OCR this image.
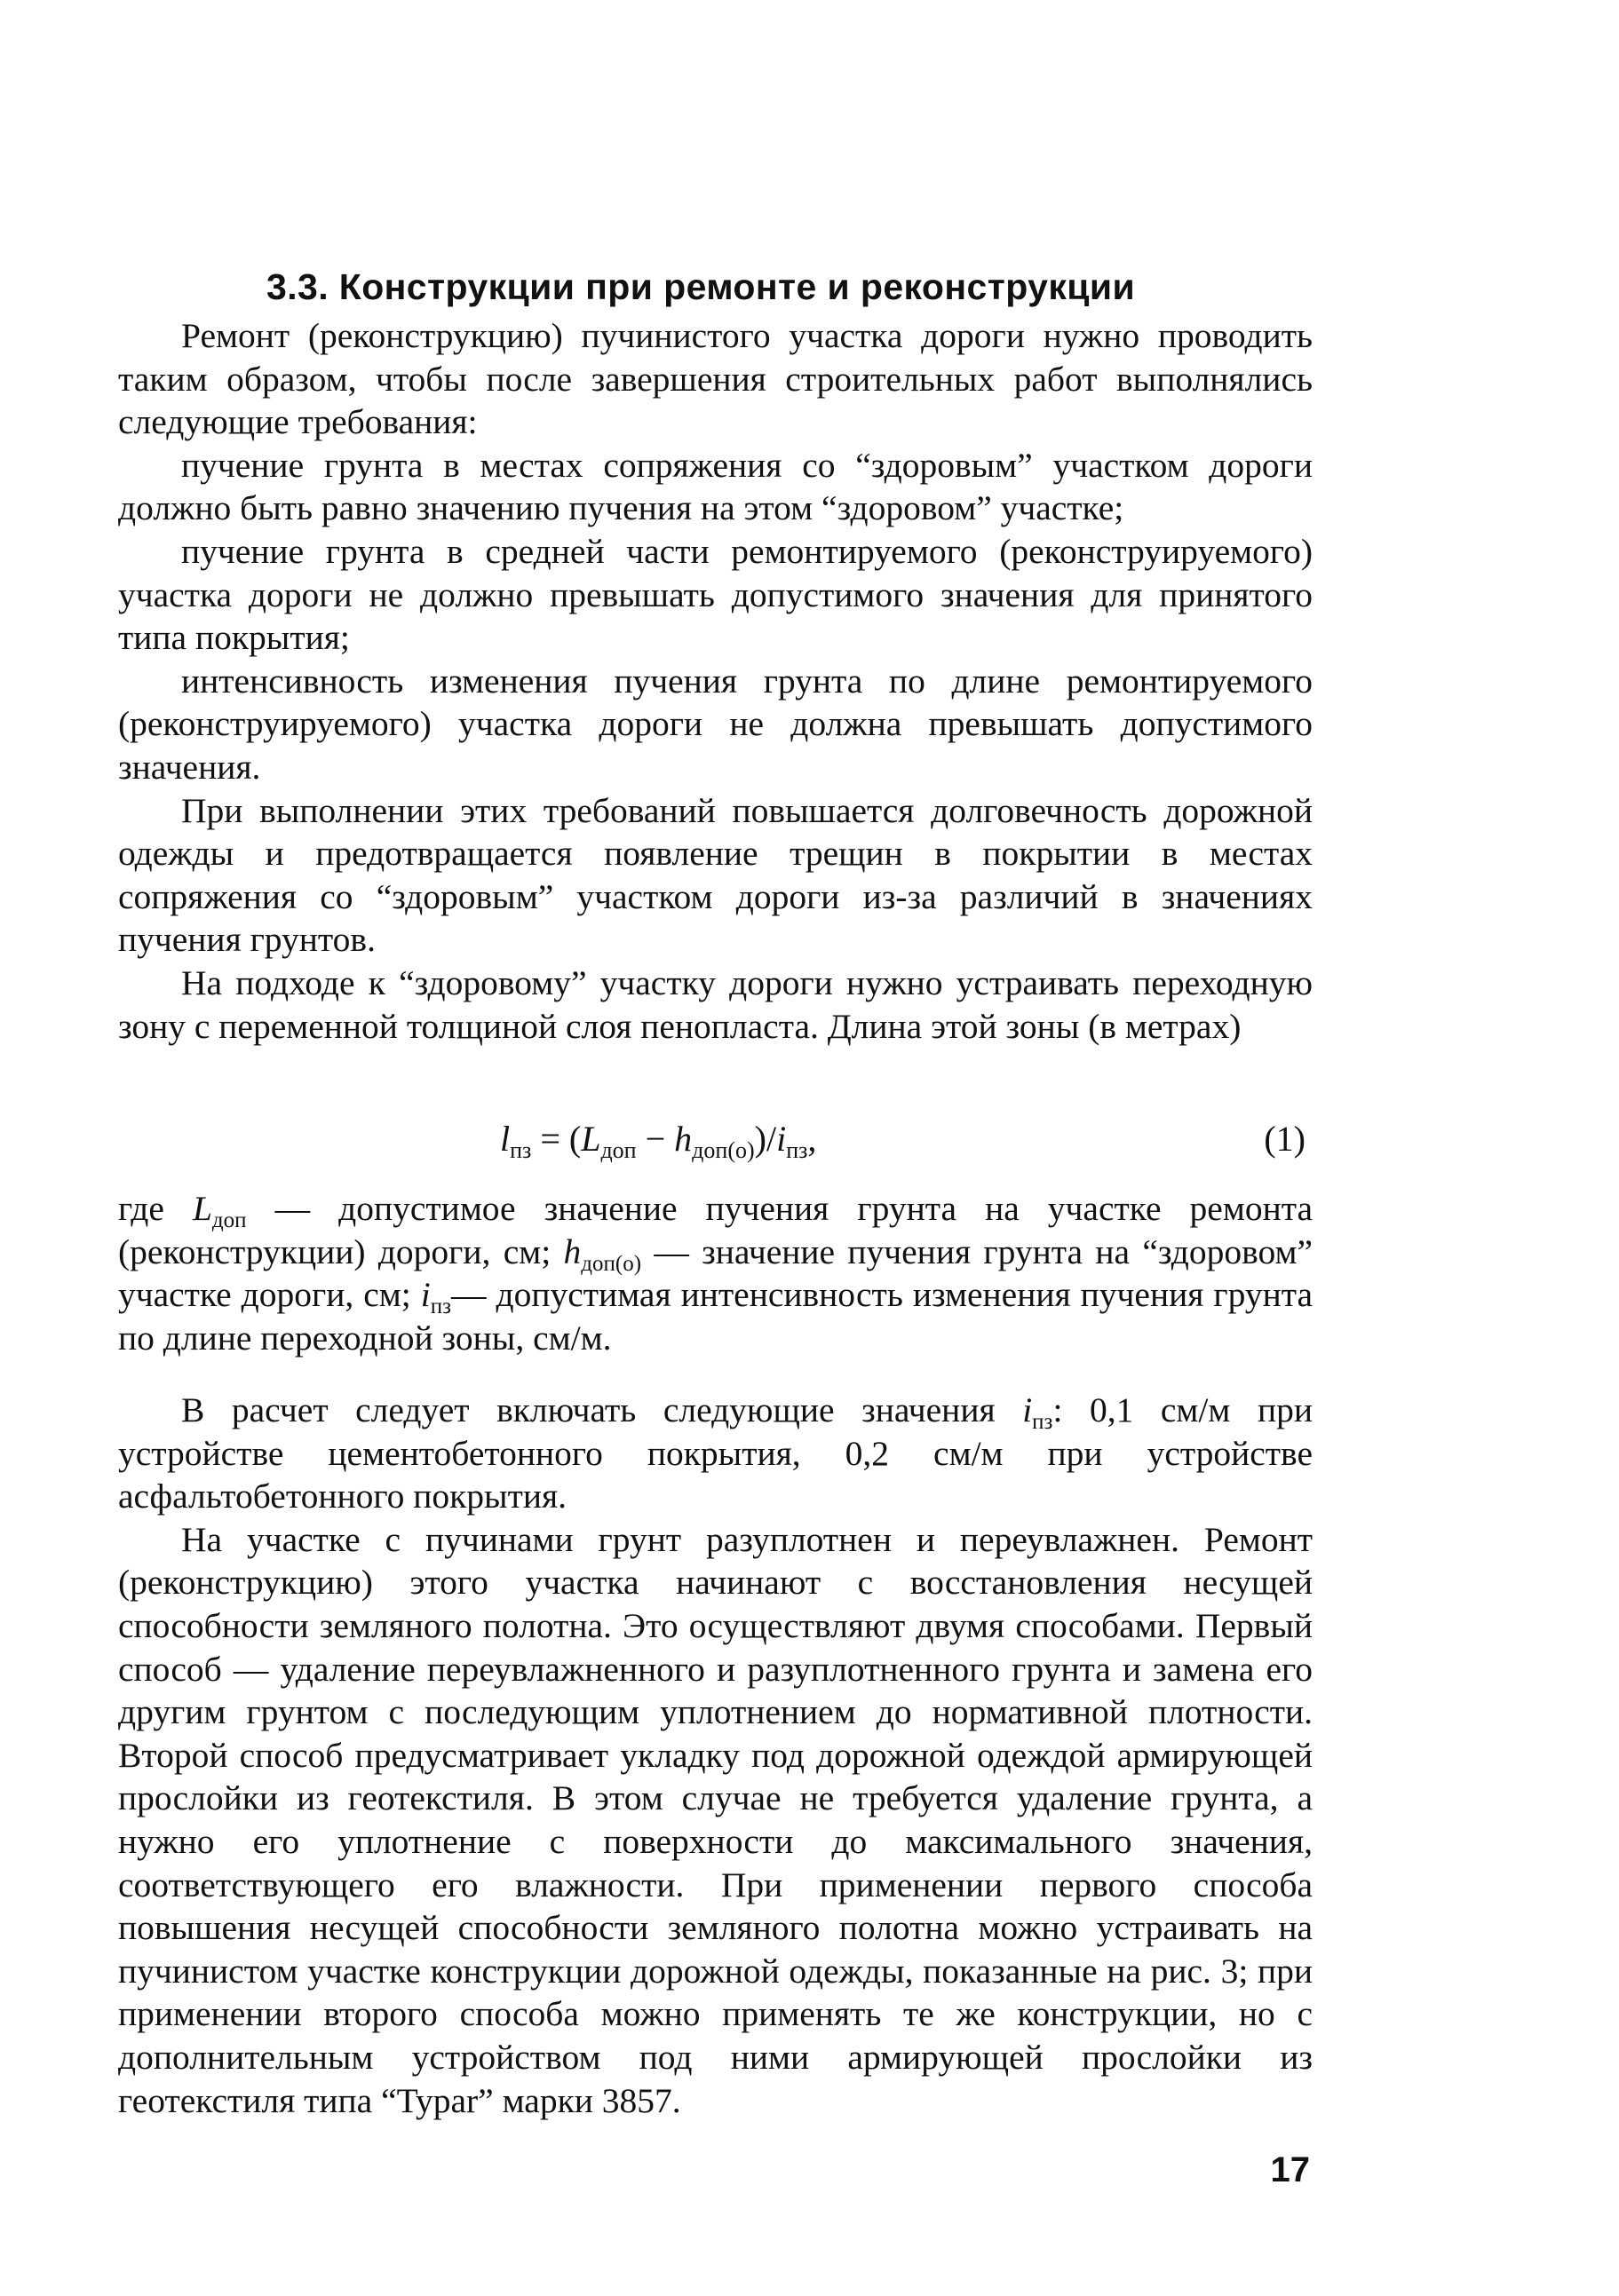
3.3. Конструкции при ремонте и реконструкции

Ремонт (реконструкцию) пучинистого участка дороги нужно проводить таким образом, чтобы после завершения строительных работ выполнялись следующие требования:

пучение грунта в местах сопряжения со “здоровым” участком дороги должно быть равно значению пучения на этом “здоровом” участке;

пучение грунта в средней части ремонтируемого (реконструируемого) участка дороги не должно превышать допустимого значения для принятого типа покрытия;

интенсивность изменения пучения грунта по длине ремонтируемого (реконструируемого) участка дороги не должна превышать допустимого значения.

При выполнении этих требований повышается долговечность дорожной одежды и предотвращается появление трещин в покрытии в местах сопряжения со “здоровым” участком дороги из-за различий в значениях пучения грунтов.

На подходе к “здоровому” участку дороги нужно устраивать переходную зону с переменной толщиной слоя пенопласта. Длина этой зоны (в метрах)

$l_{пз} = (L_{доп} - h_{доп(о)})/i_{пз}$,	(1)

где $L_{доп}$ — допустимое значение пучения грунта на участке ремонта (реконструкции) дороги, см; $h_{доп(о)}$ — значение пучения грунта на “здоровом” участке дороги, см; $i_{пз}—$ допустимая интенсивность изменения пучения грунта по длине переходной зоны, см/м.

В расчет следует включать следующие значения $i_{пз}$: 0,1 см/м при устройстве цементобетонного покрытия, 0,2 см/м при устройстве асфальтобетонного покрытия.

На участке с пучинами грунт разуплотнен и переувлажнен. Ремонт (реконструкцию) этого участка начинают с восстановления несущей способности земляного полотна. Это осуществляют двумя способами. Первый способ — удаление переувлажненного и разуплотненного грунта и замена его другим грунтом с последующим уплотнением до нормативной плотности. Второй способ предусматривает укладку под дорожной одеждой армирующей прослойки из геотекстиля. В этом случае не требуется удаление грунта, а нужно его уплотнение с поверхности до максимального значения, соответствующего его влажности. При применении первого способа повышения несущей способности земляного полотна можно устраивать на пучинистом участке конструкции дорожной одежды, показанные на рис. 3; при применении второго способа можно применять те же конструкции, но с дополнительным устройством под ними армирующей прослойки из геотекстиля типа “Typar” марки 3857.

17
